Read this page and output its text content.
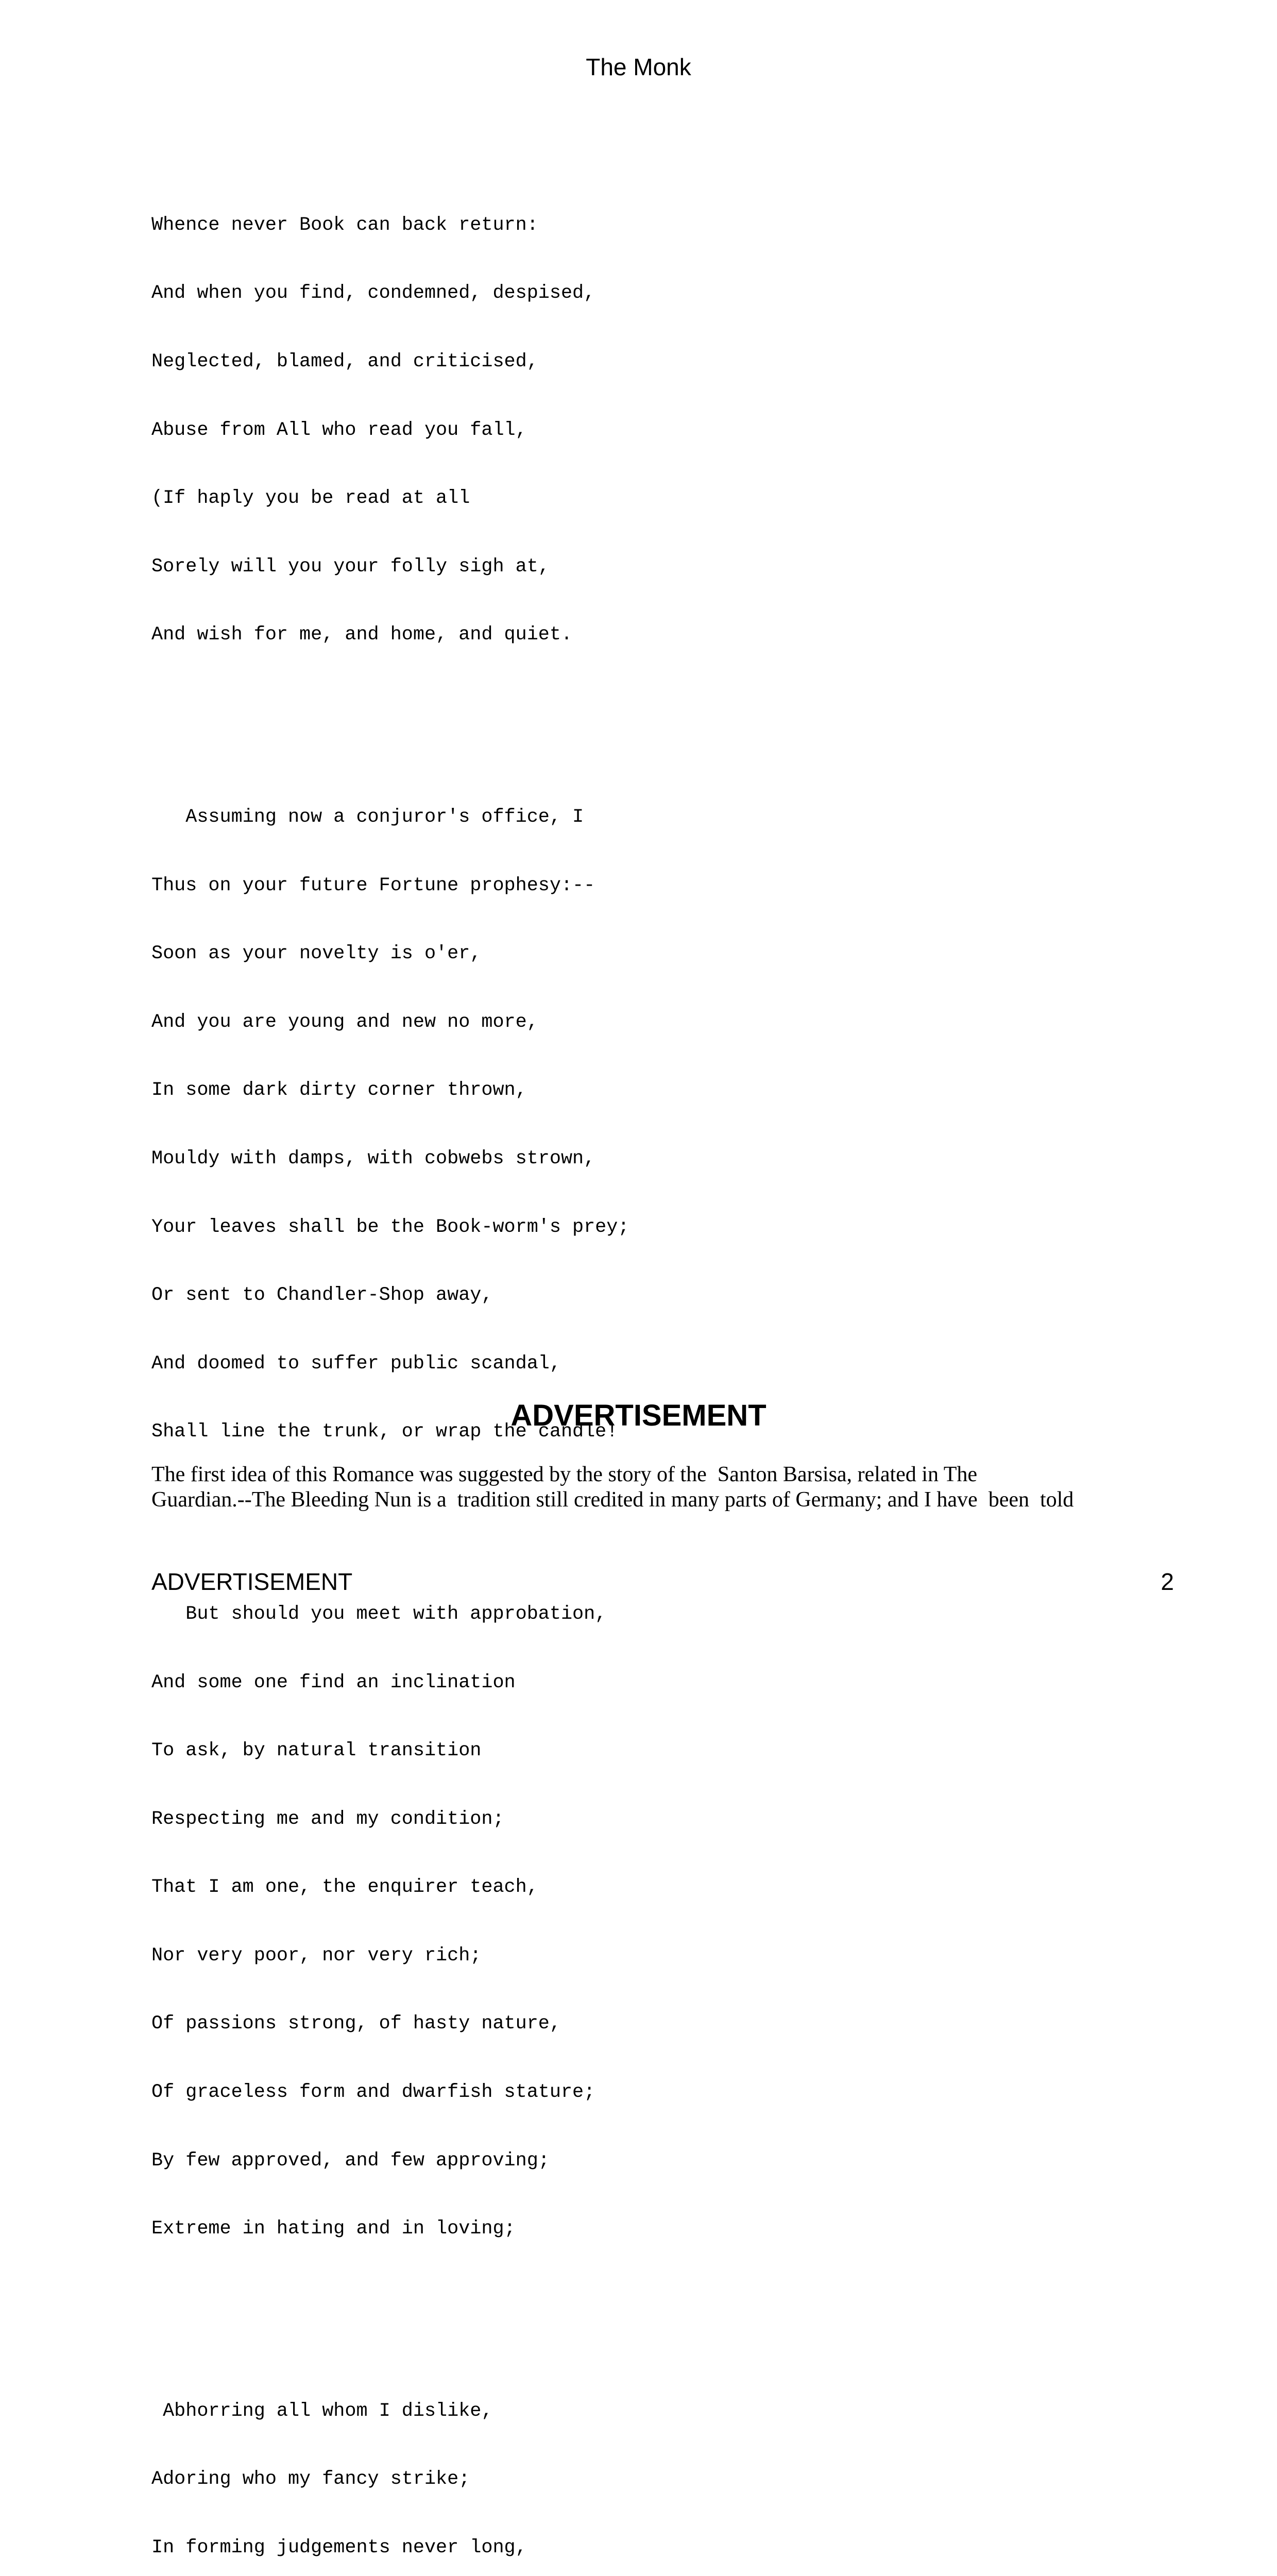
The Monk

Whence never Book can back return:

And when you find, condemned, despised,

Neglected, blamed, and criticised,

Abuse from All who read you fall,

(If haply you be read at all

Sorely will you your folly sigh at,

And wish for me, and home, and quiet.

Assuming now a conjuror's office, I

Thus on your future Fortune prophesy:--

Soon as your novelty is o'er,

And you are young and new no more,

In some dark dirty corner thrown,

Mouldy with damps, with cobwebs strown,

Your leaves shall be the Book-worm's prey;

Or sent to Chandler-Shop away,

And doomed to suffer public scandal,

Shall line the trunk, or wrap the candle!

But should you meet with approbation,

And some one find an inclination

To ask, by natural transition

Respecting me and my condition;

That I am one, the enquirer teach,

Nor very poor, nor very rich;

Of passions strong, of hasty nature,

Of graceless form and dwarfish stature;

By few approved, and few approving;

Extreme in hating and in loving;

Abhorring all whom I dislike,

Adoring who my fancy strike;

In forming judgements never long,

ADVERTISEMENT
The first idea of this Romance was suggested by the story of the  Santon Barsisa, related in The
Guardian.--The Bleeding Nun is a  tradition still credited in many parts of Germany; and I have  been  told
ADVERTISEMENT	2
